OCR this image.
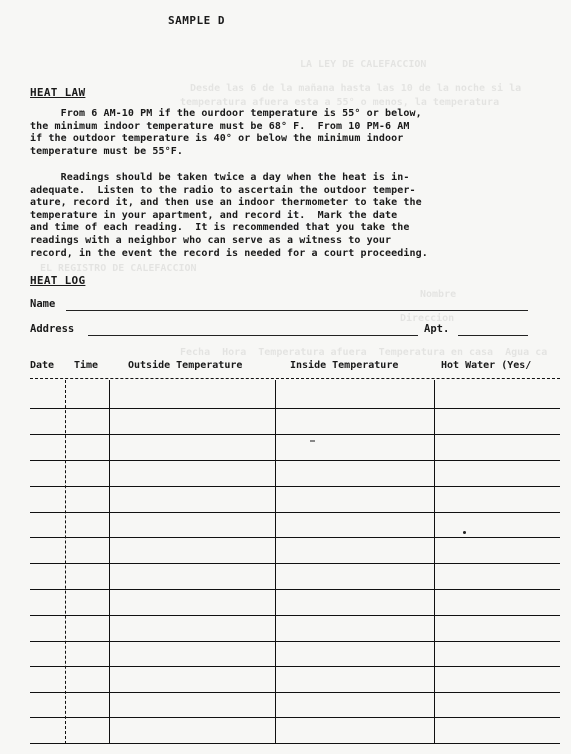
LA LEY DE CALEFACCION
Desde las 6 de la mañana hasta las 10 de la noche si la
temperatura afuera esta a 55° o menos, la temperatura
EL REGISTRO DE CALEFACCION
Nombre
Direccion
Fecha  Hora  Temperatura afuera  Temperatura en casa  Agua ca
SAMPLE D
HEAT LAW
From 6 AM-10 PM if the ourdoor temperature is 55° or below,
the minimum indoor temperature must be 68° F.  From 10 PM-6 AM
if the outdoor temperature is 40° or below the minimum indoor
temperature must be 55°F.
Readings should be taken twice a day when the heat is in-
adequate.  Listen to the radio to ascertain the outdoor temper-
ature, record it, and then use an indoor thermometer to take the
temperature in your apartment, and record it.  Mark the date
and time of each reading.  It is recommended that you take the
readings with a neighbor who can serve as a witness to your
record, in the event the record is needed for a court proceeding.
HEAT LOG
Name
Address	Apt.
Date Time	Outside Temperature	Inside Temperature	Hot Water (Yes/
